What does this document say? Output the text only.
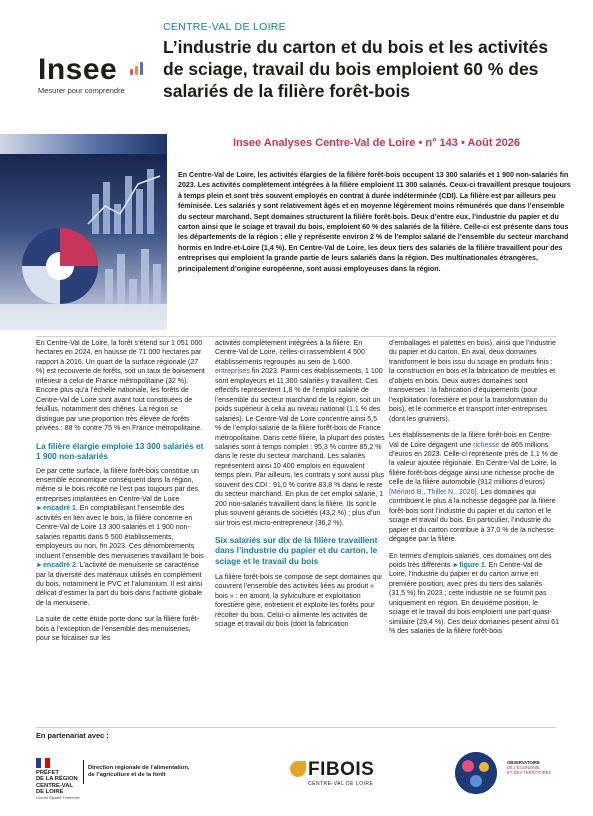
Insee
Mesurer pour comprendre
CENTRE-VAL DE LOIRE
L’industrie du carton et du bois et les activités de sciage, travail du bois emploient 60 % des salariés de la filière forêt-bois
Insee Analyses Centre-Val de Loire • n° 143 • Août 2026
En Centre-Val de Loire, les activités élargies de la filière forêt-bois occupent 13 300 salariés et 1 900 non-salariés fin 2023. Les activités complètement intégrées à la filière emploient 11 300 salariés. Ceux-ci travaillent presque toujours à temps plein et sont très souvent employés en contrat à durée indéterminée (CDI). La filière est par ailleurs peu féminisée. Les salariés y sont relativement âgés et en moyenne légèrement moins rémunérés que dans l’ensemble du secteur marchand. Sept domaines structurent la filière forêt-bois. Deux d’entre eux, l’industrie du papier et du carton ainsi que le sciage et travail du bois, emploient 60 % des salariés de la filière. Celle-ci est présente dans tous les départements de la région ; elle y représente environ 2 % de l’emploi salarié de l’ensemble du secteur marchand hormis en Indre-et-Loire (1,4 %). En Centre-Val de Loire, les deux tiers des salariés de la filière travaillent pour des entreprises qui emploient la grande partie de leurs salariés dans la région. Des multinationales étrangères, principalement d’origine européenne, sont aussi employeuses dans la région.

En Centre-Val de Loire, la forêt s’étend sur 1 051 000 hectares en 2024, en hausse de 71 000 hectares par rapport à 2016. Un quart de la surface régionale (27 %) est recouverte de forêts, soit un taux de boisement inférieur à celui de France métropolitaine (32 %). Encore plus qu’à l’échelle nationale, les forêts de Centre-Val de Loire sont avant tout constituées de feuillus, notamment des chênes. La région se distingue par une proportion très élevée de forêts privées : 88 % contre 75 % en France métropolitaine.

La filière élargie emploie 13 300 salariés et 1 900 non-salariés

De par cette surface, la filière forêt-bois constitue un ensemble économique conséquent dans la région, même si le bois récolté ne l’est pas toujours par des entreprises implantées en Centre-Val de Loire ►encadré 1. En comptabilisant l’ensemble des activités en lien avec le bois, la filière concerne en Centre-Val de Loire 13 300 salariés et 1 900 non-salariés répartis dans 5 500 établissements, employeurs ou non, fin 2023. Ces dénombrements incluent l’ensemble des menuiseries travaillant le bois ►encadré 2. L’activité de menuiserie se caractérise par la diversité des matériaux utilisés en complément du bois, notamment le PVC et l’aluminium. Il est ainsi délicat d’estimer la part du bois dans l’activité globale de la menuiserie.

La suite de cette étude porte donc sur la filière forêt-bois à l’exception de l’ensemble des menuiseries, pour se focaliser sur les

activités complètement intégrées à la filière. En Centre-Val de Loire, celles-ci rassemblent 4 500 établissements regroupés au sein de 1 600 entreprises fin 2023. Parmi ces établissements, 1 100 sont employeurs et 11 300 salariés y travaillent. Ces effectifs représentent 1,8 % de l’emploi salarié de l’ensemble du secteur marchand de la région, soit un poids supérieur à celui au niveau national (1,1 % des salariés). Le Centre-Val de Loire concentre ainsi 5,5 % de l’emploi salarié de la filière forêt-bois de France métropolitaine. Dans cette filière, la plupart des postes salariés sont à temps complet : 95,3 % contre 85,2 % dans le reste du secteur marchand. Les salariés représentent ainsi 10 400 emplois en équivalent temps plein. Par ailleurs, les contrats y sont aussi plus souvent des CDI : 91,0 % contre 83,8 % dans le reste du secteur marchand. En plus de cet emploi salarié, 1 200 non-salariés travaillent dans la filière. Ils sont le plus souvent gérants de sociétés (43,2 %) ; plus d’un sur trois est micro-entrepreneur (36,2 %).

Six salariés sur dix de la filière travaillent dans l’industrie du papier et du carton, le sciage et le travail du bois

La filière forêt-bois se compose de sept domaines qui couvrent l’ensemble des activités liées au produit « bois » : en amont, la sylviculture et exploitation forestière gère, entretient et exploite les forêts pour récolter du bois. Celui-ci alimente les activités de sciage et travail du bois (dont la fabrication

d’emballages et palettes en bois), ainsi que l’industrie du papier et du carton. En aval, deux domaines transforment le bois issu du sciage en produits finis : la construction en bois et la fabrication de meubles et d’objets en bois. Deux autres domaines sont transverses : la fabrication d’équipements (pour l’exploitation forestière et pour la transformation du bois), et le commerce et transport inter-entreprises (dont les grumiers).

Les établissements de la filière forêt-bois en Centre-Val de Loire dégagent une richesse de 865 millions d’euros en 2023. Celle-ci représente près de 1,1 % de la valeur ajoutée régionale. En Centre-Val de Loire, la filière forêt-bois dégage ainsi une richesse proche de celle de la filière automobile (912 millions d’euros) [Ménard B., Thillet N., 2026]. Les domaines qui contribuent le plus à la richesse dégagée par la filière forêt-bois sont l’industrie du papier et du carton et le sciage et travail du bois. En particulier, l’industrie du papier et du carton contribue à 37,0 % de la richesse dégagée par la filière.

En termes d’emplois salariés, ces domaines ont des poids très différents ►figure 1. En Centre-Val de Loire, l’industrie du papier et du carton arrive en première position, avec près du tiers des salariés (31,5 %) fin 2023 ; cette industrie ne se fournit pas uniquement en région. En deuxième position, le sciage et le travail du bois emploient une part quasi-similaire (29,4 %). Ces deux domaines pèsent ainsi 61 % des salariés de la filière forêt-bois

En partenariat avec :
PRÉFET
DE LA RÉGION
CENTRE-VAL
DE LOIRE
Liberté Égalité Fraternité
Direction régionale de l’alimentation,
de l’agriculture et de la forêt	FIBOIS
CENTRE-VAL DE LOIRE
OBSERVATOIRE
DE L’ÉCONOMIE
ET DES TERRITOIRES
